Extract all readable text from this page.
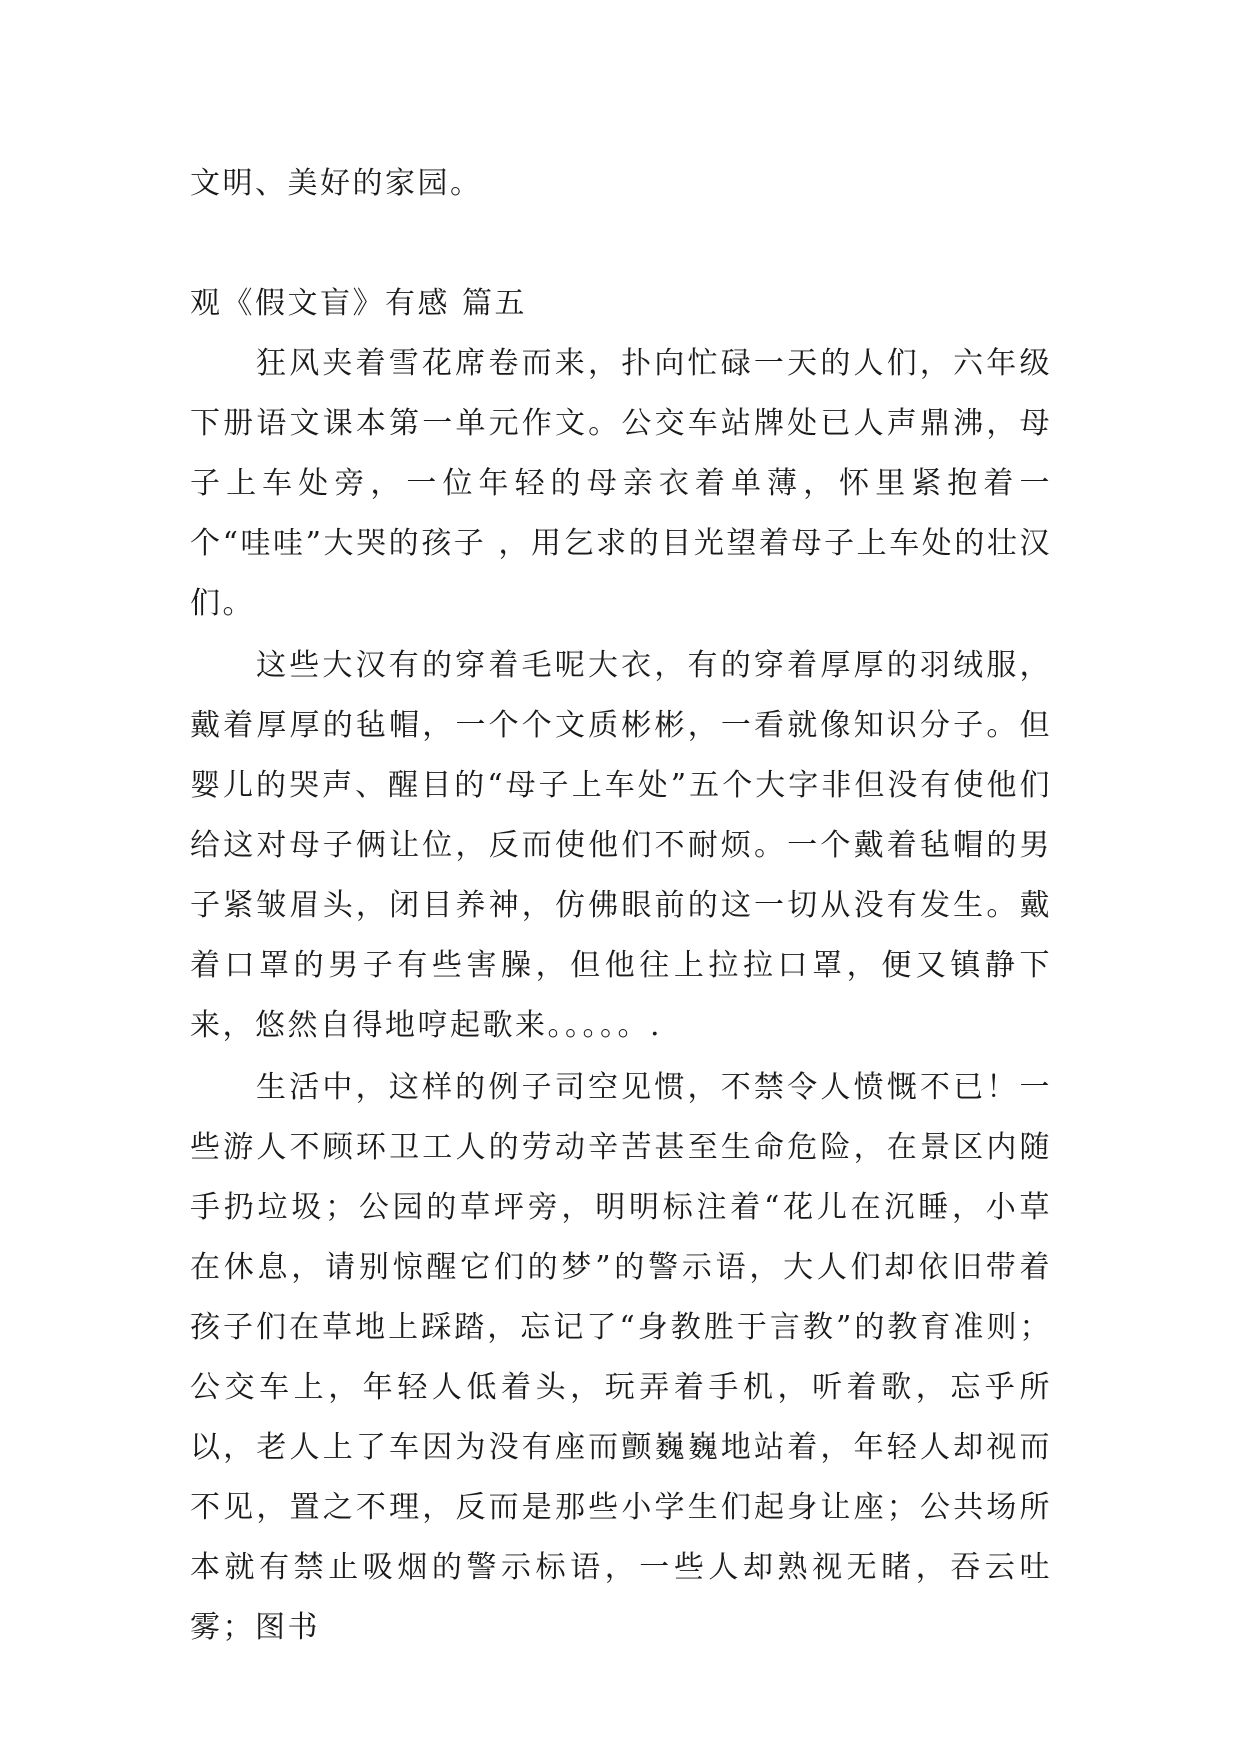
文明、美好的家园。

观《假文盲》有感 篇五

狂风夹着雪花席卷而来，扑向忙碌一天的人们，六年级下册语文课本第一单元作文。公交车站牌处已人声鼎沸，母子上车处旁，一位年轻的母亲衣着单薄，怀里紧抱着一个“哇哇”大哭的孩子 ，用乞求的目光望着母子上车处的壮汉们。

这些大汉有的穿着毛呢大衣，有的穿着厚厚的羽绒服，戴着厚厚的毡帽，一个个文质彬彬，一看就像知识分子。但婴儿的哭声、醒目的“母子上车处”五个大字非但没有使他们给这对母子俩让位，反而使他们不耐烦。一个戴着毡帽的男子紧皱眉头，闭目养神，仿佛眼前的这一切从没有发生。戴着口罩的男子有些害臊，但他往上拉拉口罩，便又镇静下来，悠然自得地哼起歌来。。。。。.

生活中，这样的例子司空见惯，不禁令人愤慨不已！一些游人不顾环卫工人的劳动辛苦甚至生命危险，在景区内随手扔垃圾；公园的草坪旁，明明标注着“花儿在沉睡，小草在休息，请别惊醒它们的梦”的警示语，大人们却依旧带着孩子们在草地上踩踏，忘记了“身教胜于言教”的教育准则；公交车上，年轻人低着头，玩弄着手机，听着歌，忘乎所以，老人上了车因为没有座而颤巍巍地站着，年轻人却视而不见，置之不理，反而是那些小学生们起身让座；公共场所本就有禁止吸烟的警示标语，一些人却熟视无睹，吞云吐雾；图书
